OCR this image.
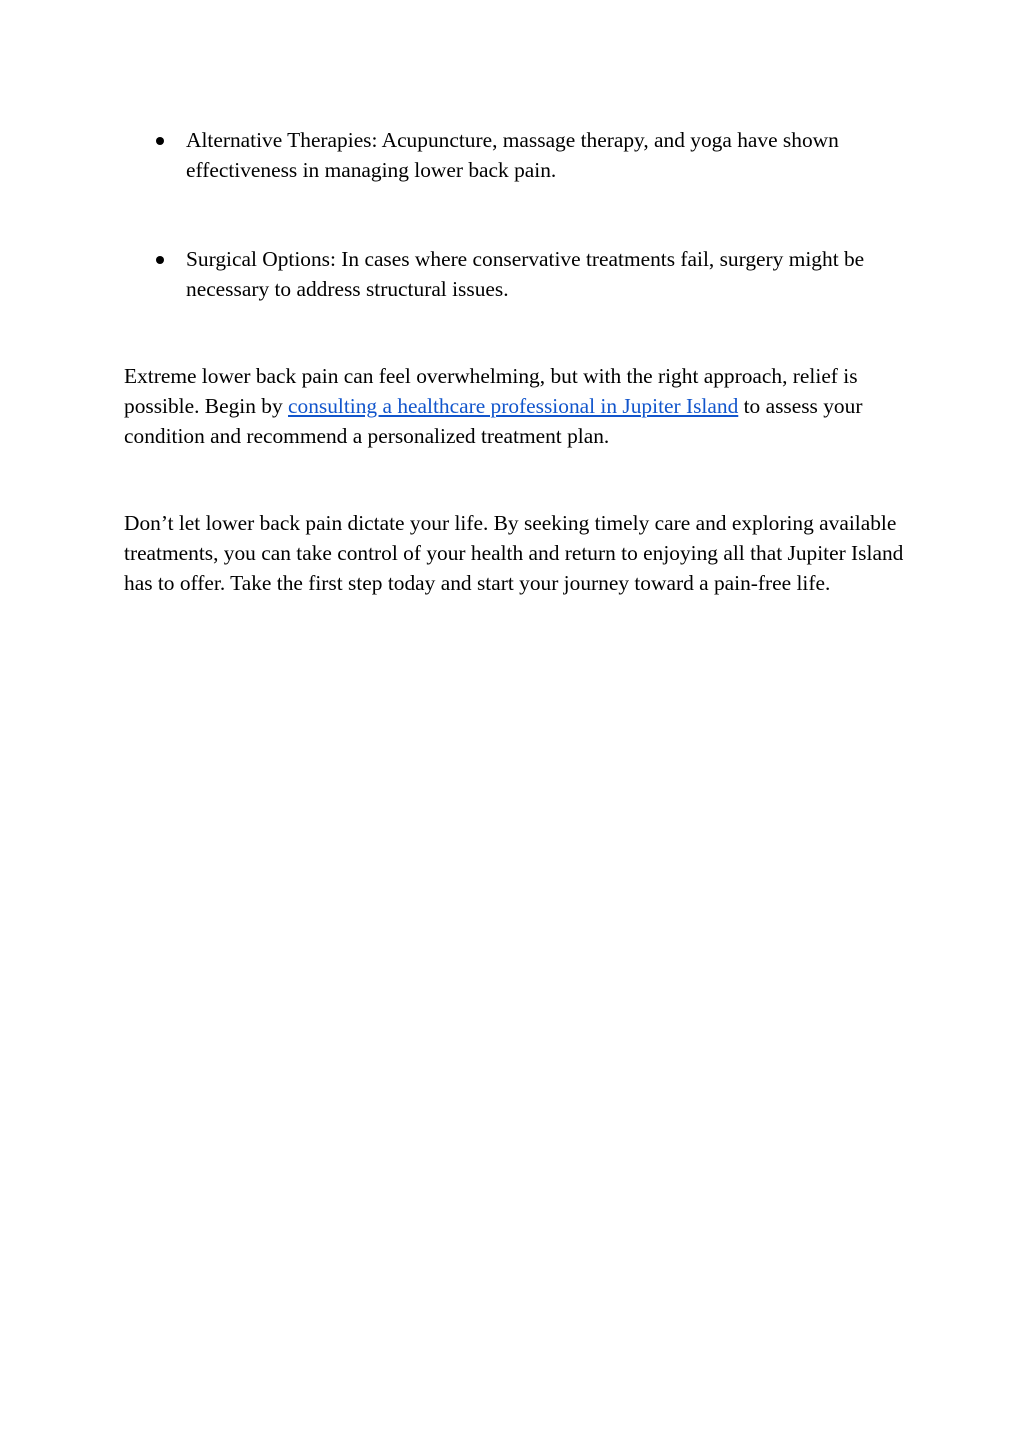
Alternative Therapies: Acupuncture, massage therapy, and yoga have shown effectiveness in managing lower back pain.
Surgical Options: In cases where conservative treatments fail, surgery might be necessary to address structural issues.
Extreme lower back pain can feel overwhelming, but with the right approach, relief is possible. Begin by consulting a healthcare professional in Jupiter Island to assess your condition and recommend a personalized treatment plan.
Don’t let lower back pain dictate your life. By seeking timely care and exploring available treatments, you can take control of your health and return to enjoying all that Jupiter Island has to offer. Take the first step today and start your journey toward a pain-free life.
